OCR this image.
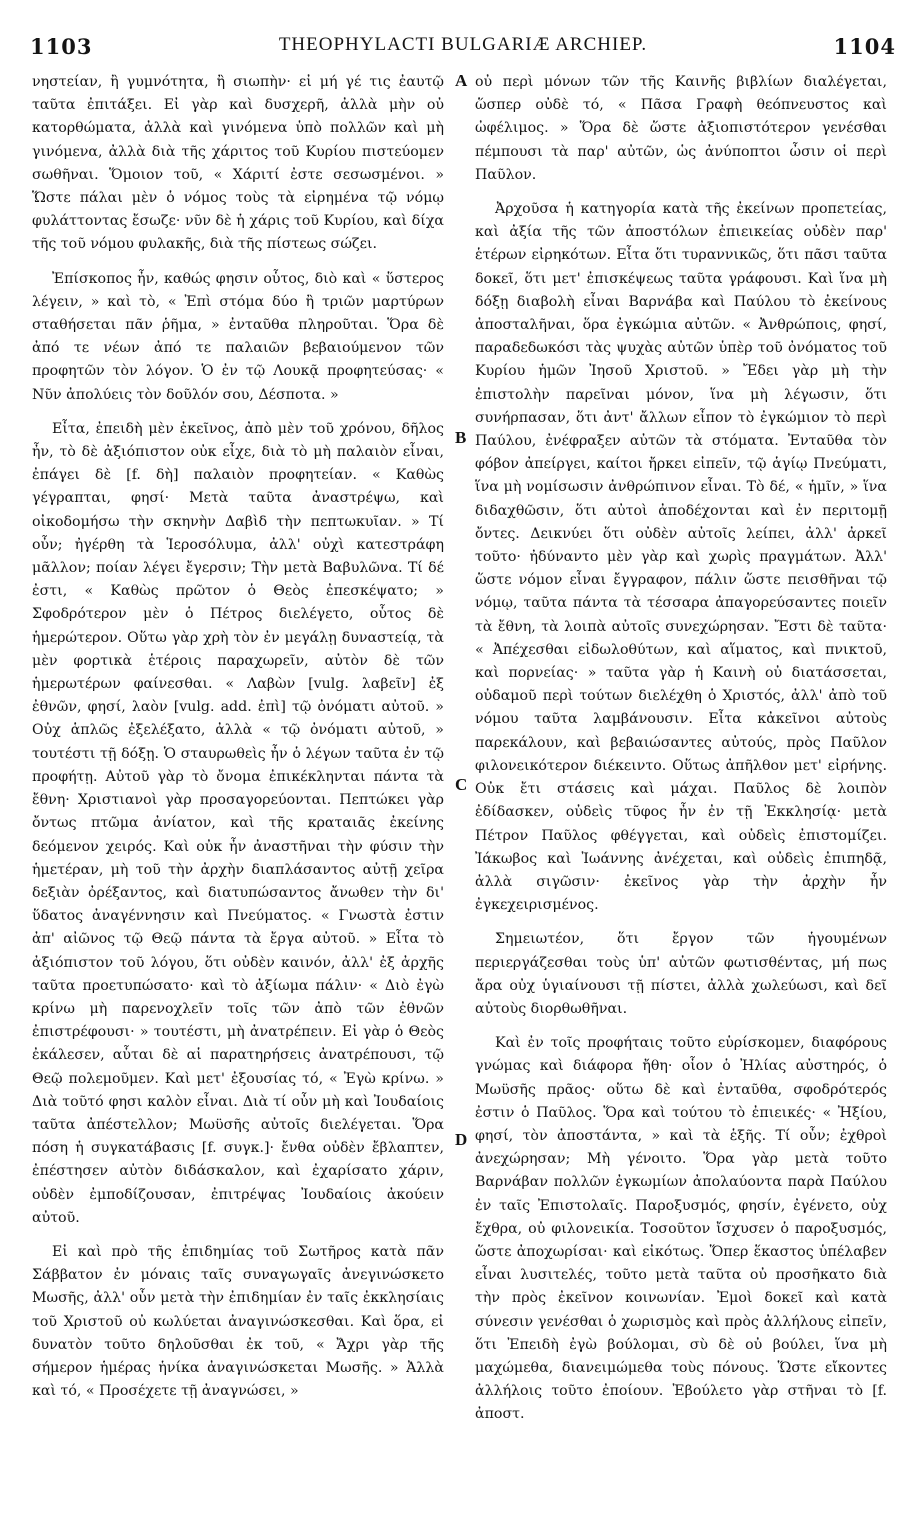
1103	THEOPHYLACTI BULGARIÆ ARCHIEP.	1104

νηστείαν, ἢ γυμνότητα, ἢ σιωπὴν· εἰ μή γέ τις ἐαυτῷ ταῦτα ἐπιτάξει. Εἰ γὰρ καὶ δυσχερῆ, ἀλλὰ μὴν οὐ κατορθώματα, ἀλλὰ καὶ γινόμενα ὑπὸ πολλῶν καὶ μὴ γινόμενα, ἀλλὰ διὰ τῆς χάριτος τοῦ Κυρίου πιστεύομεν σωθῆναι. Ὅμοιον τοῦ, « Χάριτί ἐστε σεσωσμένοι. » Ὥστε πάλαι μὲν ὁ νόμος τοὺς τὰ εἰρημένα τῷ νόμῳ φυλάττοντας ἔσωζε· νῦν δὲ ἡ χάρις τοῦ Κυρίου, καὶ δίχα τῆς τοῦ νόμου φυλακῆς, διὰ τῆς πίστεως σώζει.

Ἐπίσκοπος ἦν, καθώς φησιν οὗτος, διὸ καὶ « ὕστερος λέγειν, » καὶ τὸ, « Ἐπὶ στόμα δύο ἢ τριῶν μαρτύρων σταθήσεται πᾶν ῥῆμα, » ἐνταῦθα πληροῦται. Ὅρα δὲ ἀπό τε νέων ἀπό τε παλαιῶν βεβαιούμενον τῶν προφητῶν τὸν λόγον. Ὁ ἐν τῷ Λουκᾷ προφητεύσας· « Νῦν ἀπολύεις τὸν δοῦλόν σου, Δέσποτα. »

Εἶτα, ἐπειδὴ μὲν ἐκεῖνος, ἀπὸ μὲν τοῦ χρόνου, δῆλος ἦν, τὸ δὲ ἀξιόπιστον οὐκ εἶχε, διὰ τὸ μὴ παλαιὸν εἶναι, ἐπάγει δὲ [f. δὴ] παλαιὸν προφητείαν. « Καθὼς γέγραπται, φησί· Μετὰ ταῦτα ἀναστρέψω, καὶ οἰκοδομήσω τὴν σκηνὴν Δαβὶδ τὴν πεπτωκυῖαν. » Τί οὖν; ἠγέρθη τὰ Ἱεροσόλυμα, ἀλλ' οὐχὶ κατεστράφη μᾶλλον; ποίαν λέγει ἔγερσιν; Τὴν μετὰ Βαβυλῶνα. Τί δέ ἐστι, « Καθὼς πρῶτον ὁ Θεὸς ἐπεσκέψατο; » Σφοδρότερον μὲν ὁ Πέτρος διελέγετο, οὗτος δὲ ἡμερώτερον. Οὕτω γὰρ χρὴ τὸν ἐν μεγάλῃ δυναστείᾳ, τὰ μὲν φορτικὰ ἑτέροις παραχωρεῖν, αὐτὸν δὲ τῶν ἡμερωτέρων φαίνεσθαι. « Λαβὼν [vulg. λαβεῖν] ἐξ ἐθνῶν, φησί, λαὸν [vulg. add. ἐπὶ] τῷ ὀνόματι αὐτοῦ. » Οὐχ ἁπλῶς ἐξελέξατο, ἀλλὰ « τῷ ὀνόματι αὐτοῦ, » τουτέστι τῇ δόξῃ. Ὁ σταυρωθεὶς ἦν ὁ λέγων ταῦτα ἐν τῷ προφήτῃ. Αὐτοῦ γὰρ τὸ ὄνομα ἐπικέκληνται πάντα τὰ ἔθνη· Χριστιανοὶ γὰρ προσαγορεύονται. Πεπτώκει γὰρ ὄντως πτῶμα ἀνίατον, καὶ τῆς κραταιᾶς ἐκείνης δεόμενον χειρός. Καὶ οὐκ ἦν ἀναστῆναι τὴν φύσιν τὴν ἡμετέραν, μὴ τοῦ τὴν ἀρχὴν διαπλάσαντος αὐτῇ χεῖρα δεξιὰν ὀρέξαντος, καὶ διατυπώσαντος ἄνωθεν τὴν δι' ὕδατος ἀναγέννησιν καὶ Πνεύματος. « Γνωστὰ ἐστιν ἀπ' αἰῶνος τῷ Θεῷ πάντα τὰ ἔργα αὐτοῦ. » Εἶτα τὸ ἀξιόπιστον τοῦ λόγου, ὅτι οὐδὲν καινόν, ἀλλ' ἐξ ἀρχῆς ταῦτα προετυπώσατο· καὶ τὸ ἀξίωμα πάλιν· « Διὸ ἐγὼ κρίνω μὴ παρενοχλεῖν τοῖς τῶν ἀπὸ τῶν ἐθνῶν ἐπιστρέφουσι· » τουτέστι, μὴ ἀνατρέπειν. Εἰ γὰρ ὁ Θεὸς ἐκάλεσεν, αὗται δὲ αἱ παρατηρήσεις ἀνατρέπουσι, τῷ Θεῷ πολεμοῦμεν. Καὶ μετ' ἐξουσίας τό, « Ἐγὼ κρίνω. » Διὰ τοῦτό φησι καλὸν εἶναι. Διὰ τί οὖν μὴ καὶ Ἰουδαίοις ταῦτα ἀπέστελλον; Μωϋσῆς αὐτοῖς διελέγεται. Ὅρα πόση ἡ συγκατάβασις [f. συγκ.]· ἔνθα οὐδὲν ἔβλαπτεν, ἐπέστησεν αὐτὸν διδάσκαλον, καὶ ἐχαρίσατο χάριν, οὐδὲν ἐμποδίζουσαν, ἐπιτρέψας Ἰουδαίοις ἀκούειν αὐτοῦ.

Εἰ καὶ πρὸ τῆς ἐπιδημίας τοῦ Σωτῆρος κατὰ πᾶν Σάββατον ἐν μόναις ταῖς συναγωγαῖς ἀνεγινώσκετο Μωσῆς, ἀλλ' οὖν μετὰ τὴν ἐπιδημίαν ἐν ταῖς ἐκκλησίαις τοῦ Χριστοῦ οὐ κωλύεται ἀναγινώσκεσθαι. Καὶ ὅρα, εἰ δυνατὸν τοῦτο δηλοῦσθαι ἐκ τοῦ, « Ἄχρι γὰρ τῆς σήμερον ἡμέρας ἡνίκα ἀναγινώσκεται Μωσῆς. » Ἀλλὰ καὶ τό, « Προσέχετε τῇ ἀναγνώσει, »

A
B
C
D

οὐ περὶ μόνων τῶν τῆς Καινῆς βιβλίων διαλέγεται, ὥσπερ οὐδὲ τό, « Πᾶσα Γραφὴ θεόπνευστος καὶ ὠφέλιμος. » Ὅρα δὲ ὥστε ἀξιοπιστότερον γενέσθαι πέμπουσι τὰ παρ' αὐτῶν, ὡς ἀνύποπτοι ὦσιν οἱ περὶ Παῦλον.

Ἀρχοῦσα ἡ κατηγορία κατὰ τῆς ἐκείνων προπετείας, καὶ ἀξία τῆς τῶν ἀποστόλων ἐπιεικείας οὐδὲν παρ' ἑτέρων εἰρηκότων. Εἶτα ὅτι τυραννικῶς, ὅτι πᾶσι ταῦτα δοκεῖ, ὅτι μετ' ἐπισκέψεως ταῦτα γράφουσι. Καὶ ἵνα μὴ δόξῃ διαβολὴ εἶναι Βαρνάβα καὶ Παύλου τὸ ἐκείνους ἀποσταλῆναι, ὅρα ἐγκώμια αὐτῶν. « Ἀνθρώποις, φησί, παραδεδωκόσι τὰς ψυχὰς αὐτῶν ὑπὲρ τοῦ ὀνόματος τοῦ Κυρίου ἡμῶν Ἰησοῦ Χριστοῦ. » Ἔδει γὰρ μὴ τὴν ἐπιστολὴν παρεῖναι μόνον, ἵνα μὴ λέγωσιν, ὅτι συνήρπασαν, ὅτι ἀντ' ἄλλων εἶπον τὸ ἐγκώμιον τὸ περὶ Παύλου, ἐνέφραξεν αὐτῶν τὰ στόματα. Ἐνταῦθα τὸν φόβον ἀπείργει, καίτοι ἤρκει εἰπεῖν, τῷ ἁγίῳ Πνεύματι, ἵνα μὴ νομίσωσιν ἀνθρώπινον εἶναι. Τὸ δέ, « ἡμῖν, » ἵνα διδαχθῶσιν, ὅτι αὐτοὶ ἀποδέχονται καὶ ἐν περιτομῇ ὄντες. Δεικνύει ὅτι οὐδὲν αὐτοῖς λείπει, ἀλλ' ἀρκεῖ τοῦτο· ἠδύναντο μὲν γὰρ καὶ χωρὶς πραγμάτων. Ἀλλ' ὥστε νόμον εἶναι ἔγγραφον, πάλιν ὥστε πεισθῆναι τῷ νόμῳ, ταῦτα πάντα τὰ τέσσαρα ἀπαγορεύσαντες ποιεῖν τὰ ἔθνη, τὰ λοιπὰ αὐτοῖς συνεχώρησαν. Ἔστι δὲ ταῦτα· « Ἀπέχεσθαι εἰδωλοθύτων, καὶ αἵματος, καὶ πνικτοῦ, καὶ πορνείας· » ταῦτα γὰρ ἡ Καινὴ οὐ διατάσσεται, οὐδαμοῦ περὶ τούτων διελέχθη ὁ Χριστός, ἀλλ' ἀπὸ τοῦ νόμου ταῦτα λαμβάνουσιν. Εἶτα κἀκεῖνοι αὐτοὺς παρεκάλουν, καὶ βεβαιώσαντες αὐτούς, πρὸς Παῦλον φιλονεικότερον διέκειντο. Οὕτως ἀπῆλθον μετ' εἰρήνης. Οὐκ ἔτι στάσεις καὶ μάχαι. Παῦλος δὲ λοιπὸν ἐδίδασκεν, οὐδεὶς τῦφος ἦν ἐν τῇ Ἐκκλησίᾳ· μετὰ Πέτρον Παῦλος φθέγγεται, καὶ οὐδεὶς ἐπιστομίζει. Ἰάκωβος καὶ Ἰωάννης ἀνέχεται, καὶ οὐδεὶς ἐπιπηδᾷ, ἀλλὰ σιγῶσιν· ἐκεῖνος γὰρ τὴν ἀρχὴν ἦν ἐγκεχειρισμένος.

Σημειωτέον, ὅτι ἔργον τῶν ἡγουμένων περιεργάζεσθαι τοὺς ὑπ' αὐτῶν φωτισθέντας, μή πως ἄρα οὐχ ὑγιαίνουσι τῇ πίστει, ἀλλὰ χωλεύωσι, καὶ δεῖ αὐτοὺς διορθωθῆναι.

Καὶ ἐν τοῖς προφήταις τοῦτο εὑρίσκομεν, διαφόρους γνώμας καὶ διάφορα ἤθη· οἷον ὁ Ἠλίας αὐστηρός, ὁ Μωϋσῆς πρᾶος· οὕτω δὲ καὶ ἐνταῦθα, σφοδρότερός ἐστιν ὁ Παῦλος. Ὅρα καὶ τούτου τὸ ἐπιεικές· « Ἠξίου, φησί, τὸν ἀποστάντα, » καὶ τὰ ἑξῆς. Τί οὖν; ἐχθροὶ ἀνεχώρησαν; Μὴ γένοιτο. Ὅρα γὰρ μετὰ τοῦτο Βαρνάβαν πολλῶν ἐγκωμίων ἀπολαύοντα παρὰ Παύλου ἐν ταῖς Ἐπιστολαῖς. Παροξυσμός, φησίν, ἐγένετο, οὐχ ἔχθρα, οὐ φιλονεικία. Τοσοῦτον ἴσχυσεν ὁ παροξυσμός, ὥστε ἀποχωρίσαι· καὶ εἰκότως. Ὅπερ ἕκαστος ὑπέλαβεν εἶναι λυσιτελές, τοῦτο μετὰ ταῦτα οὐ προσῆκατο διὰ τὴν πρὸς ἐκεῖνον κοινωνίαν. Ἐμοὶ δοκεῖ καὶ κατὰ σύνεσιν γενέσθαι ὁ χωρισμὸς καὶ πρὸς ἀλλήλους εἰπεῖν, ὅτι Ἐπειδὴ ἐγὼ βούλομαι, σὺ δὲ οὐ βούλει, ἵνα μὴ μαχώμεθα, διανειμώμεθα τοὺς πόνους. Ὥστε εἴκοντες ἀλλήλοις τοῦτο ἐποίουν. Ἐβούλετο γὰρ στῆναι τὸ [f. ἀποστ.
